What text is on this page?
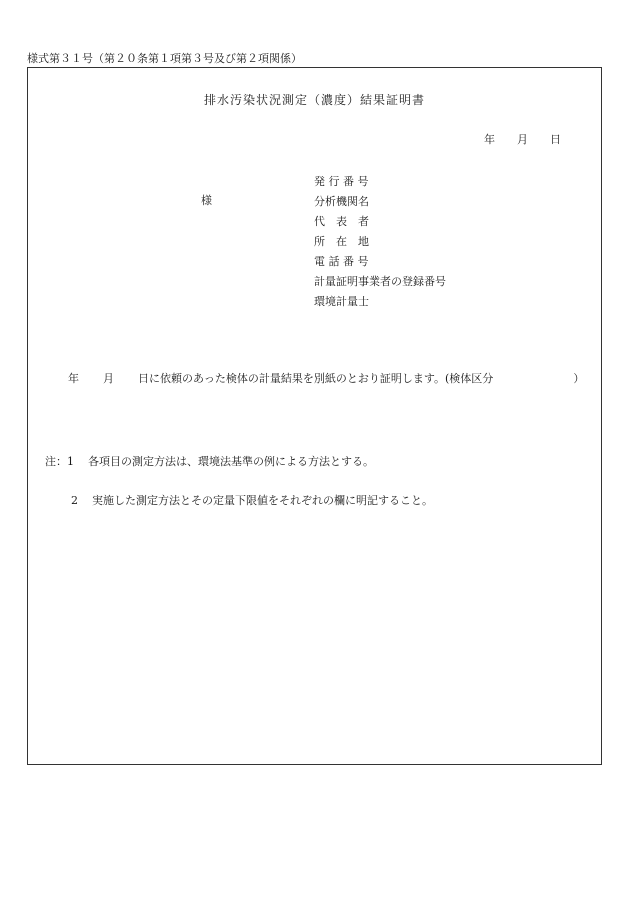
様式第３１号（第２０条第１項第３号及び第２項関係）
排水汚染状況測定（濃度）結果証明書
年 月 日
様
発 行 番 号
分析機関名
代　表　者
所　在　地
電 話 番 号
計量証明事業者の登録番号
環境計量士
年 月 日に依頼のあった検体の計量結果を別紙のとおり証明します。(検体区分	）
注：1 各項目の測定方法は、環境法基準の例による方法とする。
2 実施した測定方法とその定量下限値をそれぞれの欄に明記すること。
